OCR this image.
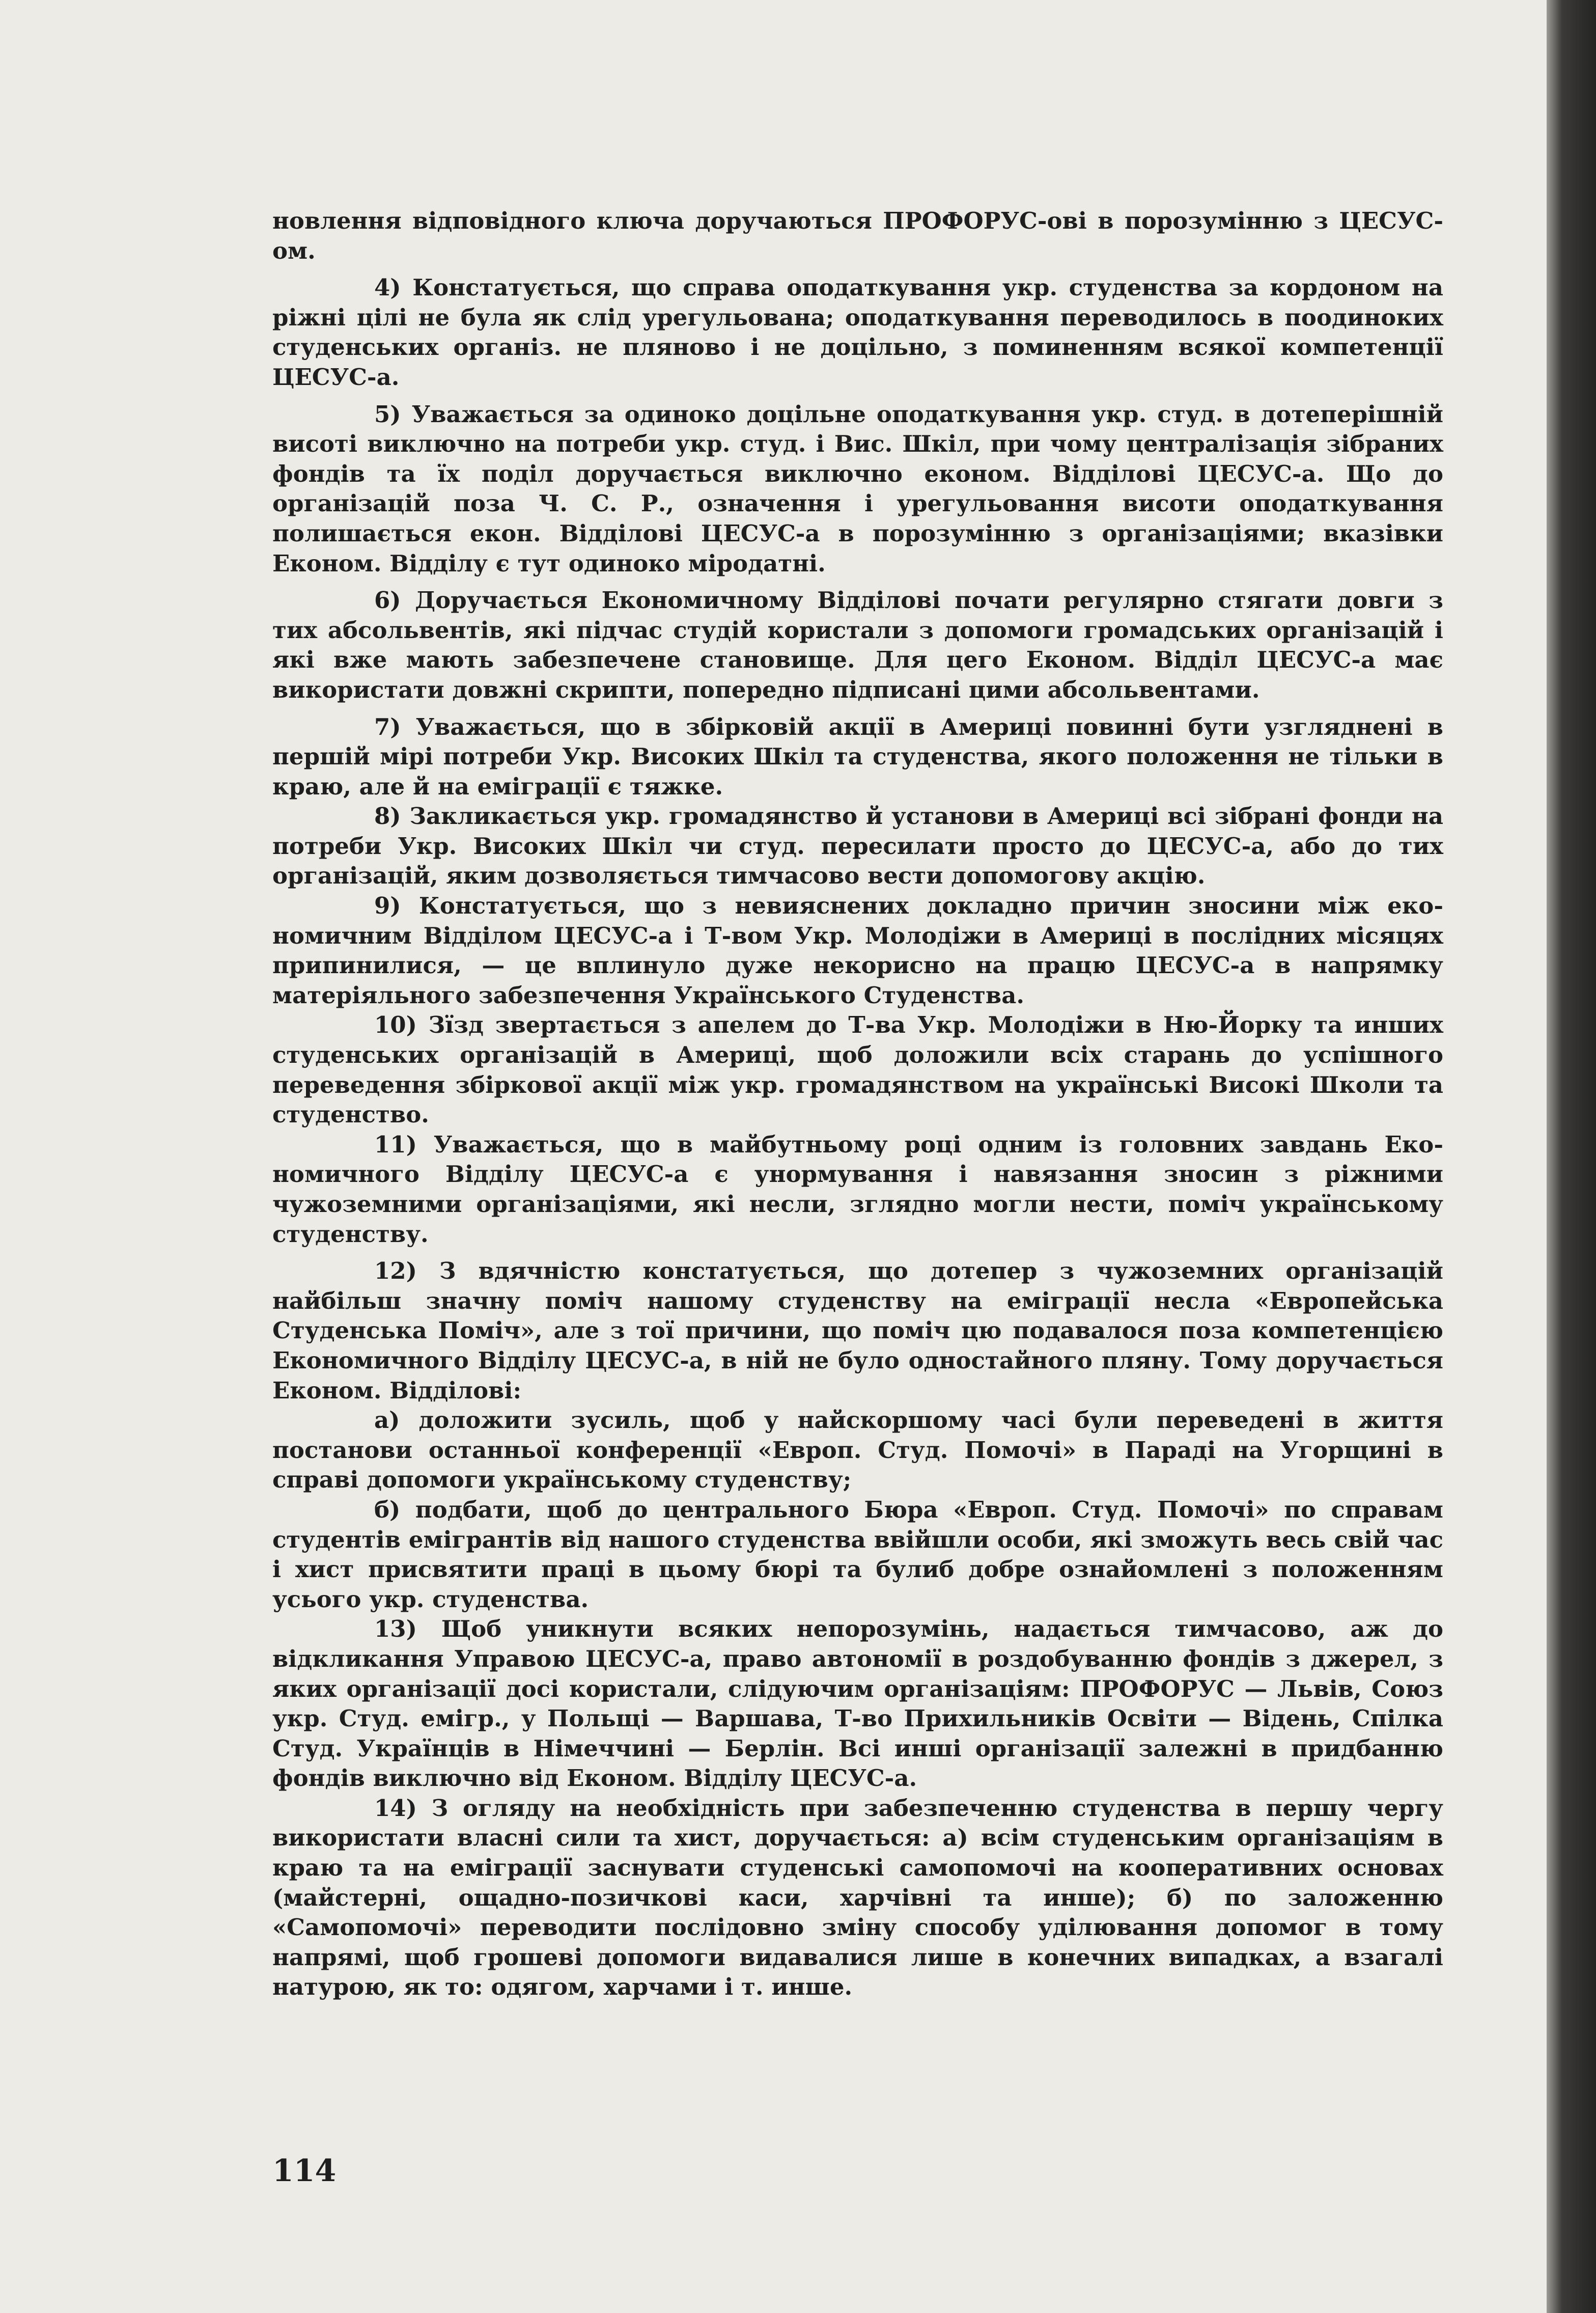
новлення відповідного ключа доручаються ПРОФОРУС-ові в порозумінню з ЦЕСУС-ом.

4) Констатується, що справа оподаткування укр. студенства за кордоном на ріжні цілі не була як слід урегульована; оподаткування переводилось в поодиноких студенських організ. не пляново і не доцільно, з поминенням всякої компетенції ЦЕСУС-а.

5) Уважається за одиноко доцільне оподаткування укр. студ. в дотеперішній висоті виключно на потреби укр. студ. і Вис. Шкіл, при чому централізація зібраних фондів та їх поділ доручається виключно економ. Відділові ЦЕСУС-а. Що до організацій поза Ч. С. Р., означення і урегульовання висоти оподаткування полишається екон. Відділові ЦЕСУС-а в порозумінню з організаціями; вказівки Економ. Відділу є тут одиноко міродатні.

6) Доручається Економичному Відділові почати регулярно стягати довги з тих абсольвентів, які підчас студій користали з допомоги громадських організацій і які вже мають забезпечене становище. Для цего Економ. Відділ ЦЕСУС-а має використати довжні скрипти, попередно підписані цими абсольвентами.

7) Уважається, що в збірковій акції в Америці повинні бути узгляднені в першій мірі потреби Укр. Високих Шкіл та студенства, якого положення не тільки в краю, але й на еміграції є тяжке.

8) Закликається укр. громадянство й установи в Америці всі зібрані фонди на потреби Укр. Високих Шкіл чи студ. пересилати просто до ЦЕСУС-а, або до тих організацій, яким дозволяється тимчасово вести допомогову акцію.

9) Констатується, що з невияснених докладно причин зносини між економичним Відділом ЦЕСУС-а і Т-вом Укр. Молодіжи в Америці в послідних місяцях припинилися, — це вплинуло дуже некорисно на працю ЦЕСУС-а в напрямку матеріяльного забезпечення Українського Студенства.

10) Зїзд звертається з апелем до Т-ва Укр. Молодіжи в Ню-Йорку та инших студенських організацій в Америці, щоб доложили всіх старань до успішного переведення збіркової акції між укр. громадянством на українські Високі Школи та студенство.

11) Уважається, що в майбутньому році одним із головних завдань Економичного Відділу ЦЕСУС-а є унормування і навязання зносин з ріжними чужоземними організаціями, які несли, зглядно могли нести, поміч українському студенству.

12) З вдячністю констатується, що дотепер з чужоземних організацій найбільш значну поміч нашому студенству на еміграції несла «Европейська Студенська Поміч», але з тої причини, що поміч цю подавалося поза компетенцією Економичного Відділу ЦЕСУС-а, в ній не було одностайного пляну. Тому доручається Економ. Відділові:

а) доложити зусиль, щоб у найскоршому часі були переведені в життя постанови останньої конференції «Европ. Студ. Помочі» в Параді на Угорщині в справі допомоги українському студенству;

б) подбати, щоб до центрального Бюра «Европ. Студ. Помочі» по справам студентів емігрантів від нашого студенства ввійшли особи, які зможуть весь свій час і хист присвятити праці в цьому бюрі та булиб добре ознайомлені з положенням усього укр. студенства.

13) Щоб уникнути всяких непорозумінь, надається тимчасово, аж до відкликання Управою ЦЕСУС-а, право автономії в роздобуванню фондів з джерел, з яких організації досі користали, слідуючим організаціям: ПРОФОРУС — Львів, Союз укр. Студ. емігр., у Польщі — Варшава, Т-во Прихильників Освіти — Відень, Спілка Студ. Українців в Німеччині — Берлін. Всі инші організації залежні в придбанню фондів виключно від Економ. Відділу ЦЕСУС-а.

14) З огляду на необхідність при забезпеченню студенства в першу чергу використати власні сили та хист, доручається: а) всім студенським організаціям в краю та на еміграції заснувати студенські самопомочі на кооперативних основах (майстерні, ощадно-позичкові каси, харчівні та инше); б) по заложенню «Самопомочі» переводити послідовно зміну способу уділювання допомог в тому напрямі, щоб грошеві допомоги видавалися лише в конечних випадках, а взагалі натурою, як то: одягом, харчами і т. инше.

114
